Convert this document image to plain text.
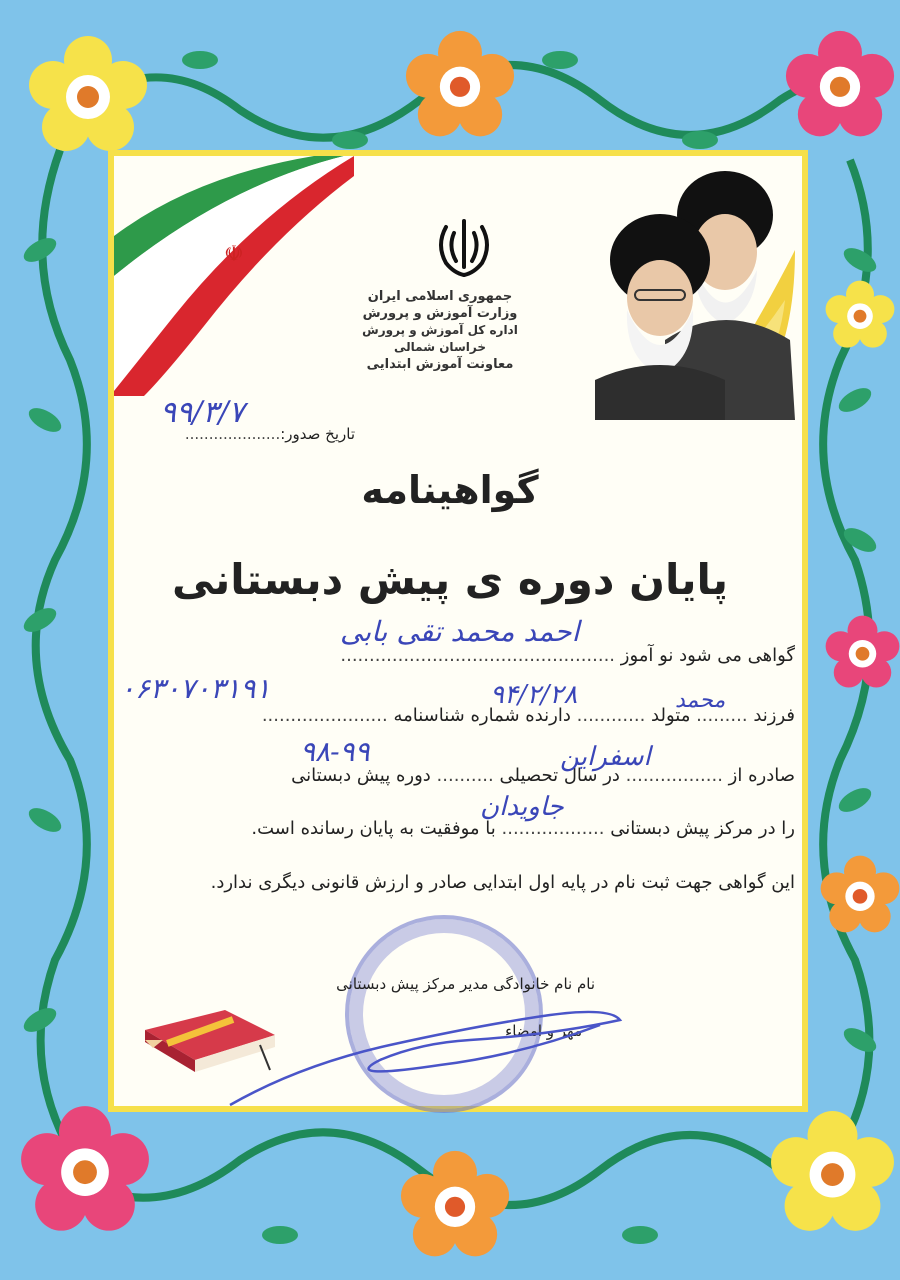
☫
جمهوری اسلامی ایران
وزارت آموزش و پرورش
اداره کل آموزش و پرورش خراسان شمالی
معاونت آموزش ابتدایی
تاریخ صدور:....................
۹۹/۳/۷
گواهینامه
پایان دوره ی پیش دبستانی
گواهی می شود نو آموز ................................................
احمد محمد تقی بابی
فرزند ......... متولد ............ دارنده شماره شناسنامه ......................
محمد
۹۴/۲/۲۸
۰۶۳۰۷۰۳۱۹۱
صادره از ................. در سال تحصیلی .......... دوره پیش دبستانی
اسفراین
۹۸-۹۹
را در مرکز پیش دبستانی .................. با موفقیت به پایان رسانده است.
جاویدان
این گواهی جهت ثبت نام در پایه اول ابتدایی صادر و ارزش قانونی دیگری ندارد.
نام نام خانوادگی مدیر مرکز پیش دبستانی
مهر و امضاء
